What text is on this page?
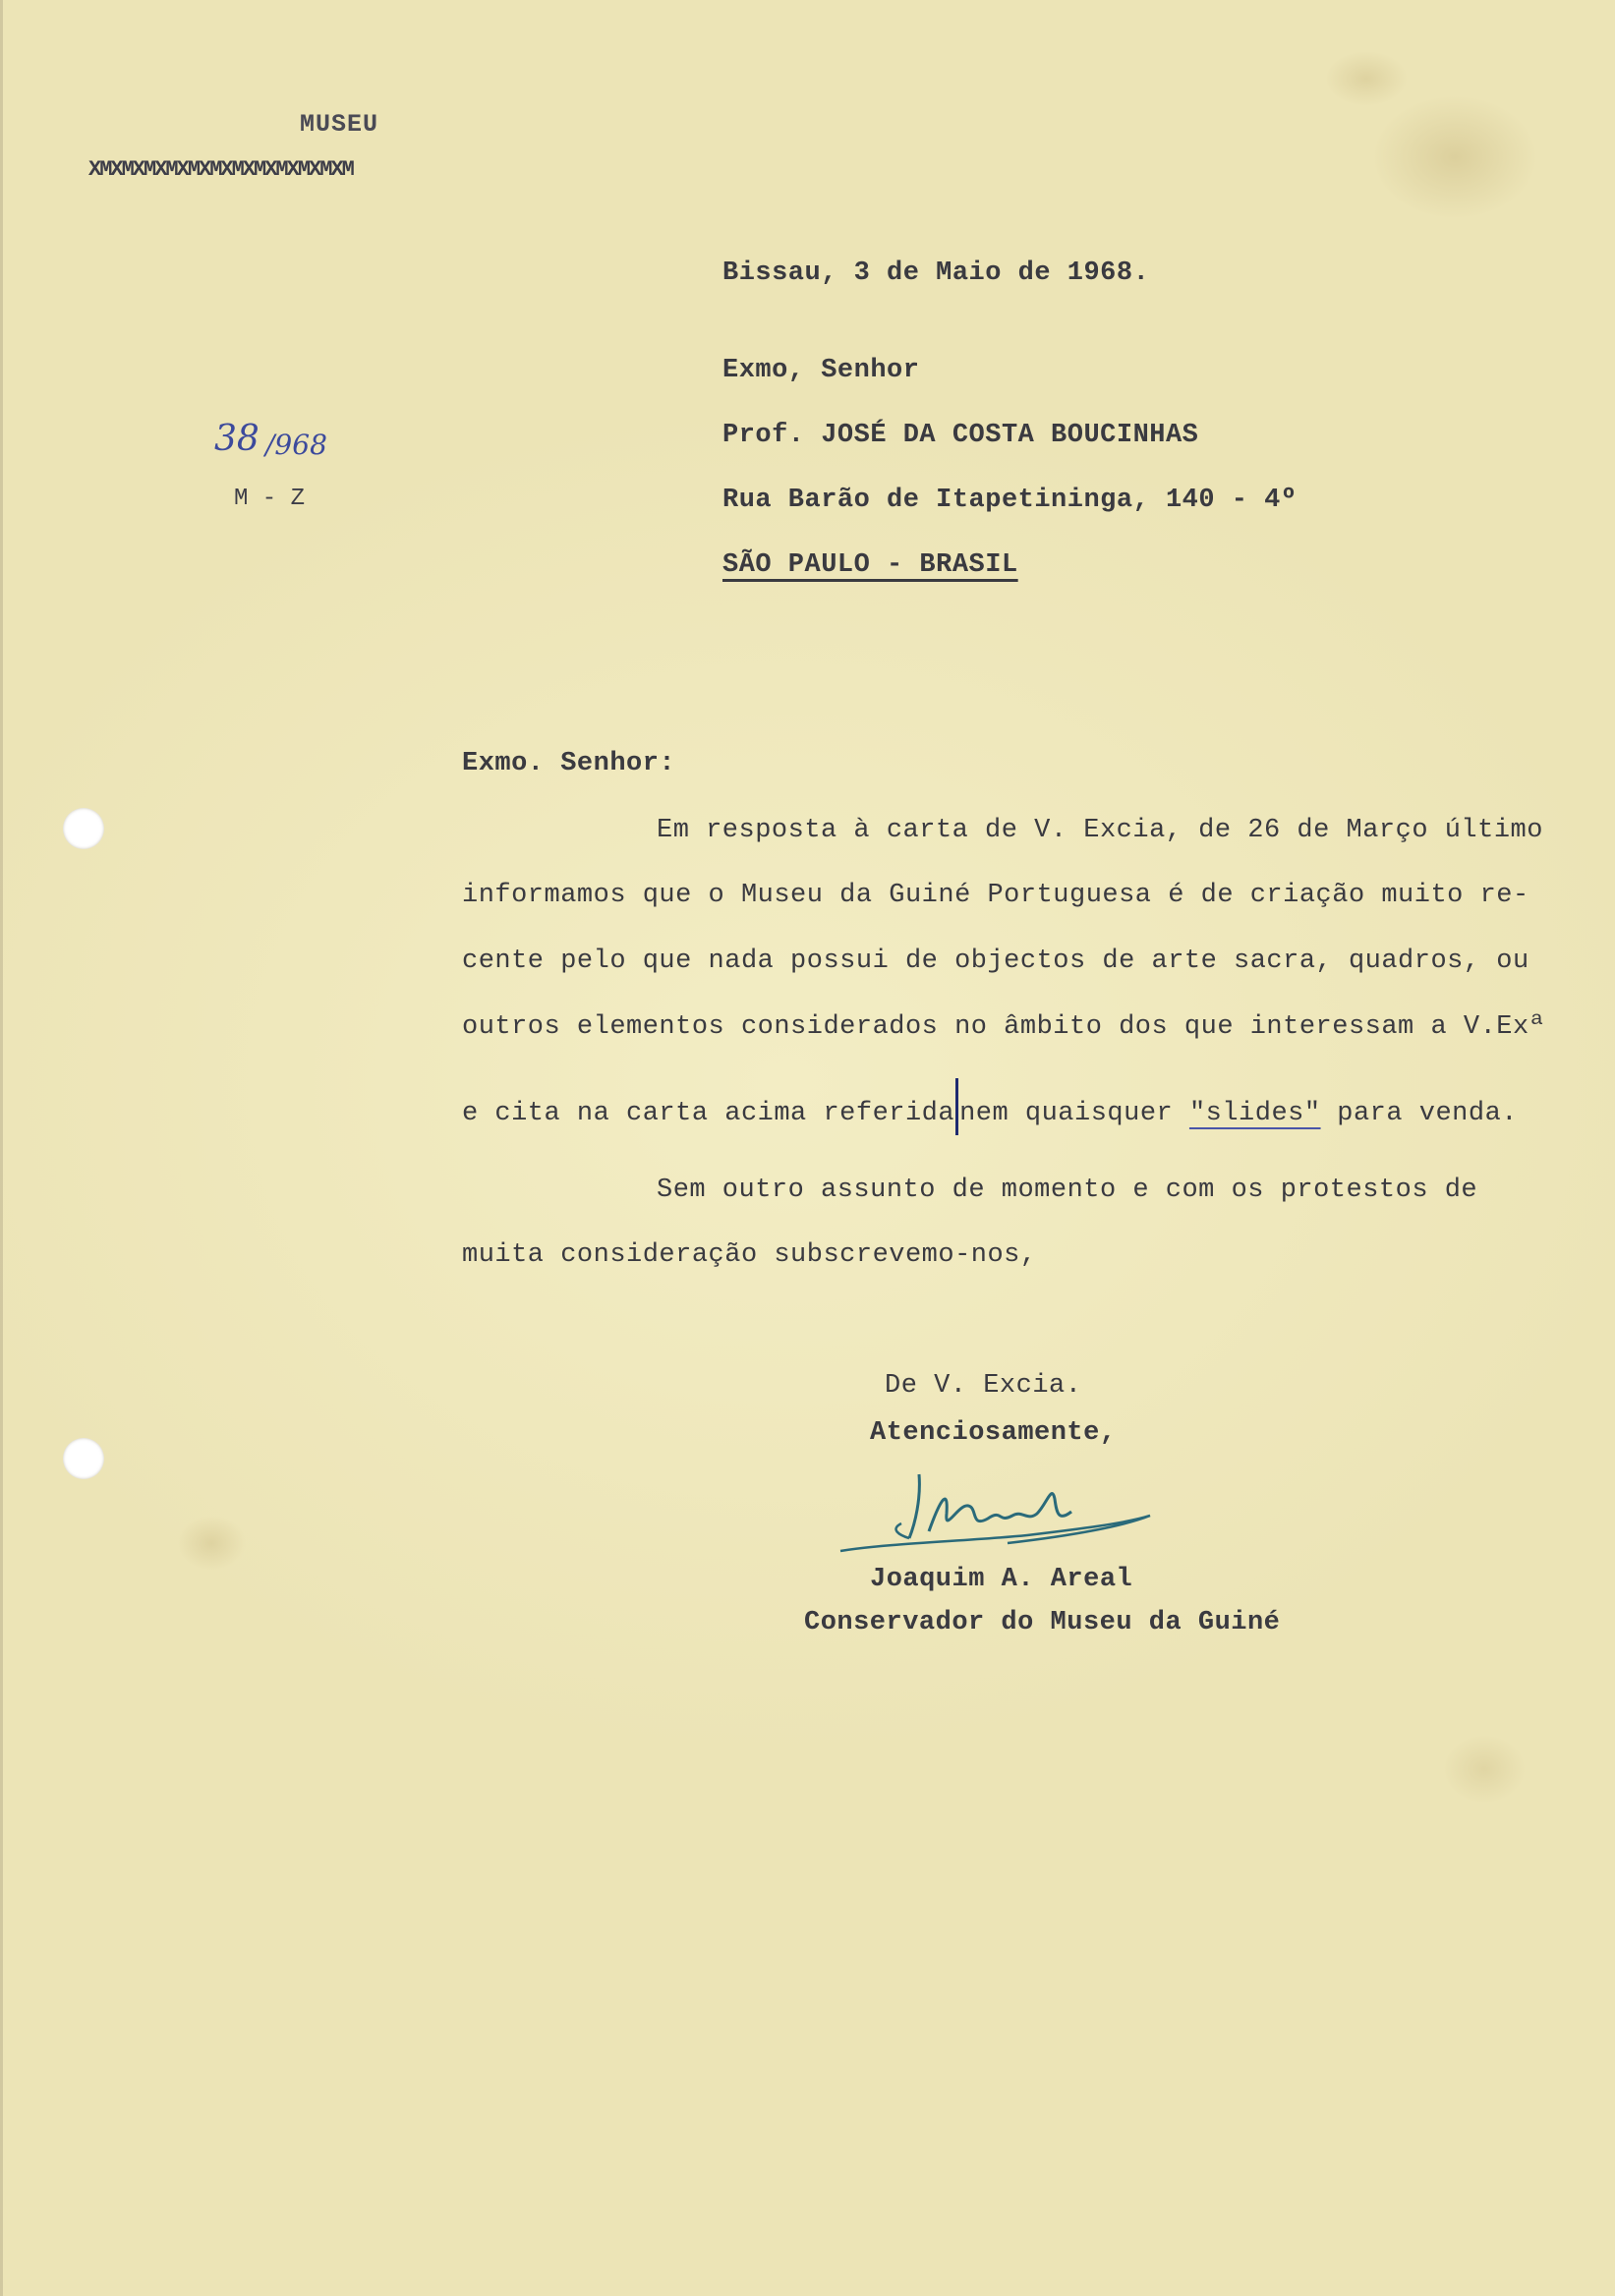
MUSEU
XMXMXMXMXMXMXMXMXMXMXMXM
38 /968
M - Z
Bissau, 3 de Maio de 1968.
Exmo, Senhor
Prof. JOSÉ DA COSTA BOUCINHAS
Rua Barão de Itapetininga, 140 - 4º
SÃO PAULO - BRASIL
Exmo. Senhor:
Em resposta à carta de V. Excia, de 26 de Março último
informamos que o Museu da Guiné Portuguesa é de criação muito re-
cente pelo que nada possui de objectos de arte sacra, quadros, ou
outros elementos considerados no âmbito dos que interessam a V.Exª
e cita na carta acima referida nem quaisquer "slides" para venda.
Sem outro assunto de momento e com os protestos de
muita consideração subscrevemo-nos,
De V. Excia.
Atenciosamente,
Joaquim A. Areal
Conservador do Museu da Guiné
